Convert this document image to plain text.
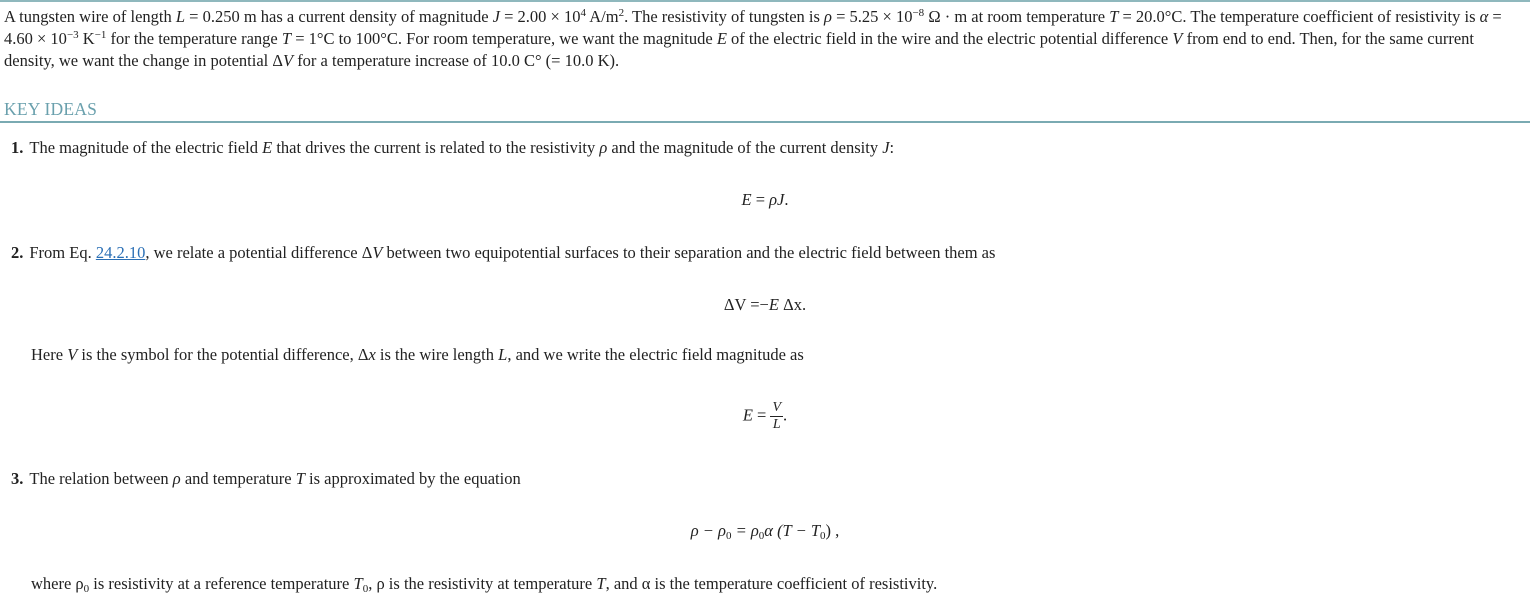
A tungsten wire of length L = 0.250 m has a current density of magnitude $J = 2.00 \times 10^4$ $A/m^2$. The resistivity of tungsten is $\rho = 5.25 \times 10^{-8}$ Ω · m at room temperature T = 20.0°C. The temperature coefficient of resistivity is $\alpha = 4.60 \times 10^{-3}$ $K^{-1}$ for the temperature range T = 1°C to 100°C. For room temperature, we want the magnitude E of the electric field in the wire and the electric potential difference V from end to end. Then, for the same current density, we want the change in potential ΔV for a temperature increase of 10.0 C° (= 10.0 K).
KEY IDEAS
1. The magnitude of the electric field E that drives the current is related to the resistivity ρ and the magnitude of the current density J:
E = ρJ.
2. From Eq. 24.2.10, we relate a potential difference ΔV between two equipotential surfaces to their separation and the electric field between them as
ΔV =−E Δx.
Here V is the symbol for the potential difference, Δx is the wire length L, and we write the electric field magnitude as
$E = \frac{V}{L}$ .
3. The relation between ρ and temperature T is approximated by the equation
$\rho - \rho_0 = \rho_0\alpha$ $(T - T_0)$ ,
where $\rho_0$ is resistivity at a reference temperature $T_0$, ρ is the resistivity at temperature T, and α is the temperature coefficient of resistivity.
